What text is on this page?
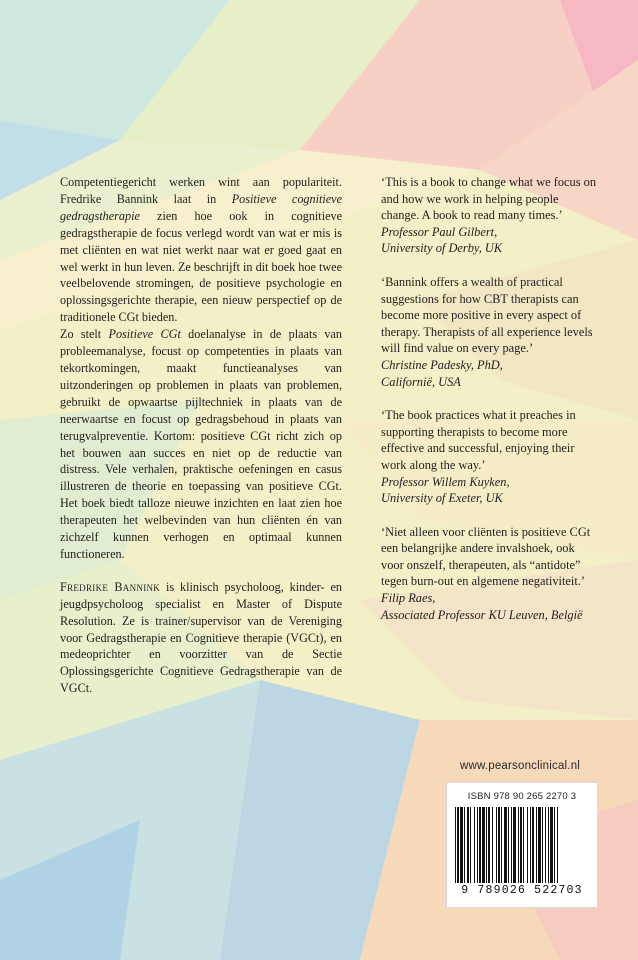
Competentiegericht werken wint aan populariteit. Fredrike Bannink laat in Positieve cognitieve gedragstherapie zien hoe ook in cognitieve gedragstherapie de focus verlegd wordt van wat er mis is met cliënten en wat niet werkt naar wat er goed gaat en wel werkt in hun leven. Ze beschrijft in dit boek hoe twee veelbelovende stromingen, de positieve psychologie en oplossingsgerichte therapie, een nieuw perspectief op de traditionele CGt bieden.

Zo stelt Positieve CGt doelanalyse in de plaats van probleemanalyse, focust op competenties in plaats van tekortkomingen, maakt functieanalyses van uitzonderingen op problemen in plaats van problemen, gebruikt de opwaartse pijltechniek in plaats van de neerwaartse en focust op gedragsbehoud in plaats van terugvalpreventie. Kortom: positieve CGt richt zich op het bouwen aan succes en niet op de reductie van distress. Vele verhalen, praktische oefeningen en casus illustreren de theorie en toepassing van positieve CGt. Het boek biedt talloze nieuwe inzichten en laat zien hoe therapeuten het welbevinden van hun cliënten én van zichzelf kunnen verhogen en optimaal kunnen functioneren.

Fredrike Bannink is klinisch psycholoog, kinder- en jeugdpsycholoog specialist en Master of Dispute Resolution. Ze is trainer/supervisor van de Vereniging voor Gedragstherapie en Cognitieve therapie (VGCt), en medeoprichter en voorzitter van de Sectie Oplossingsgerichte Cognitieve Gedragstherapie van de VGCt.

‘This is a book to change what we focus on and how we work in helping people change. A book to read many times.’
Professor Paul Gilbert,
University of Derby, UK
‘Bannink offers a wealth of practical suggestions for how CBT therapists can become more positive in every aspect of therapy. Therapists of all experience levels will find value on every page.’
Christine Padesky, PhD,
Californië, USA
‘The book practices what it preaches in supporting therapists to become more effective and successful, enjoying their work along the way.’
Professor Willem Kuyken,
University of Exeter, UK
‘Niet alleen voor cliënten is positieve CGt een belangrijke andere invalshoek, ook voor onszelf, therapeuten, als “antidote” tegen burn-out en algemene negativiteit.’
Filip Raes,
Associated Professor KU Leuven, België
www.pearsonclinical.nl
ISBN 978 90 265 2270 3
9 789026 522703
